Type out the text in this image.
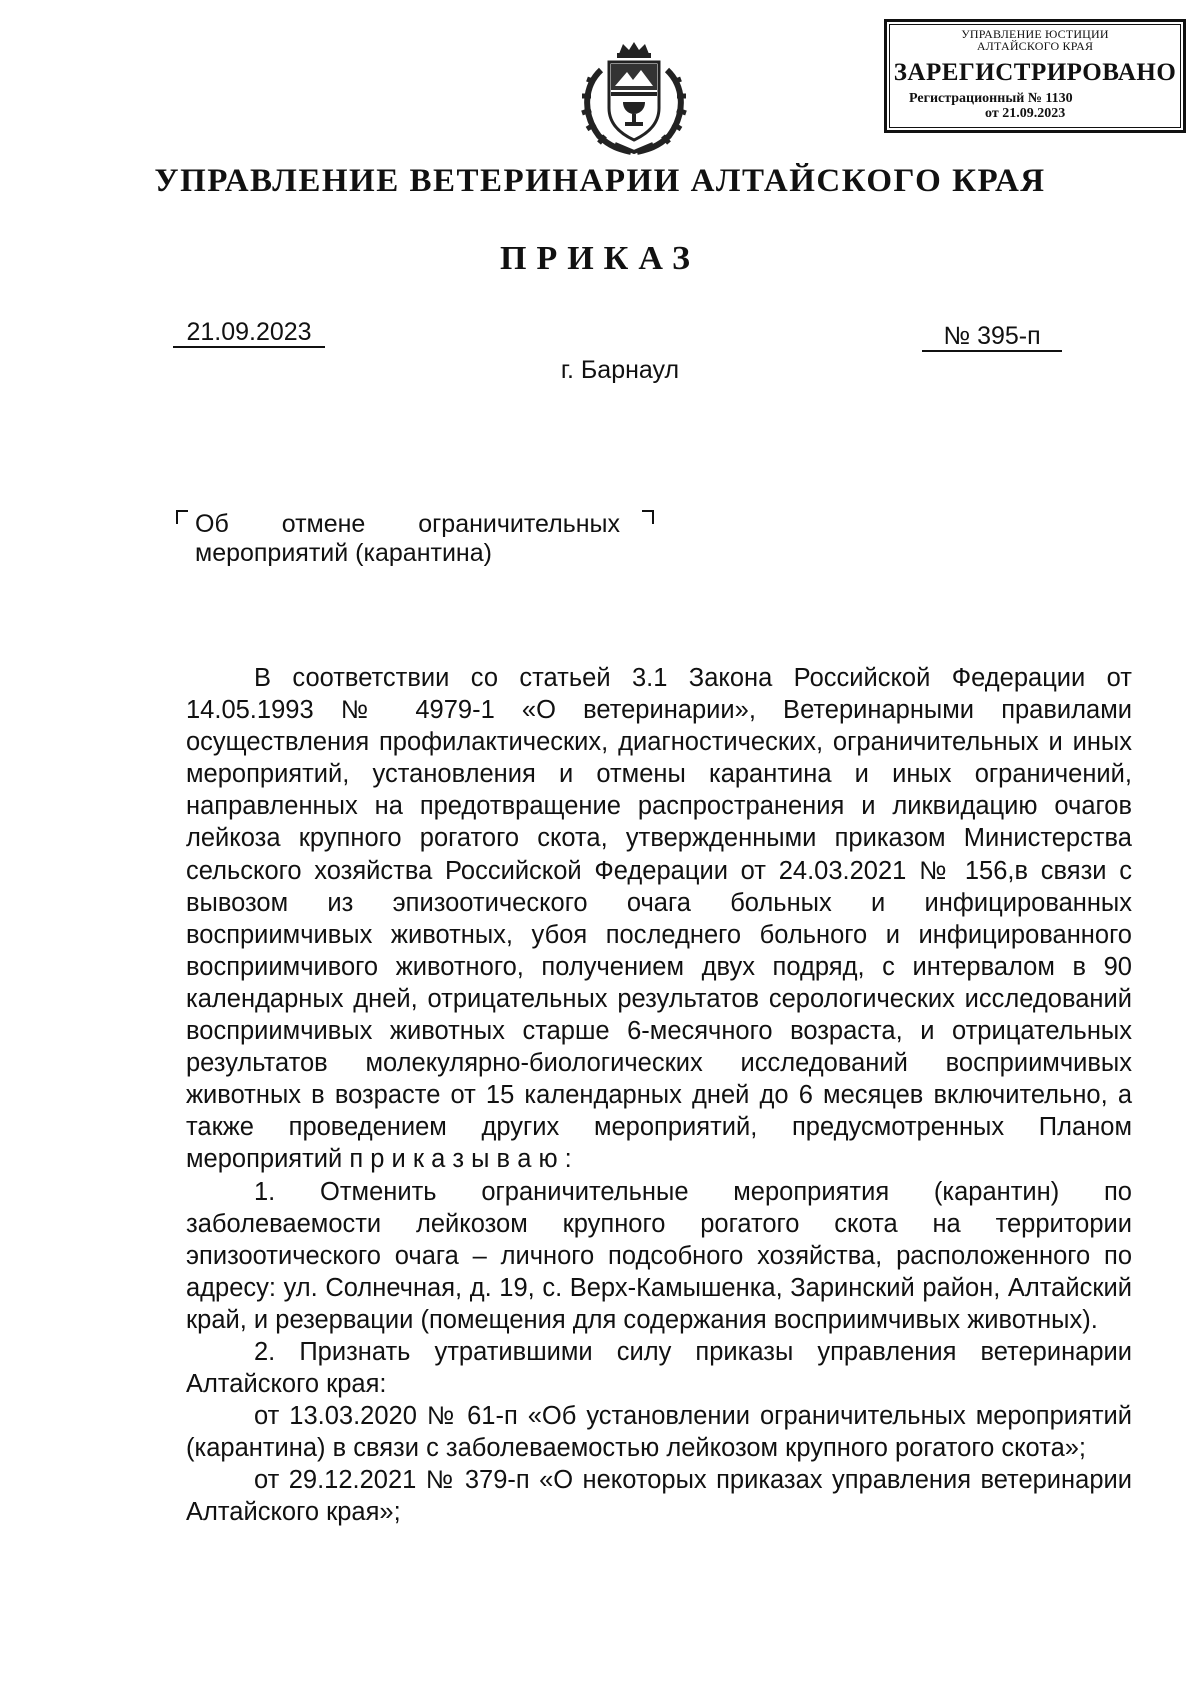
УПРАВЛЕНИЕ ЮСТИЦИИ
АЛТАЙСКОГО КРАЯ
ЗАРЕГИСТРИРОВАНО
Регистрационный № 1130
от 21.09.2023
УПРАВЛЕНИЕ ВЕТЕРИНАРИИ АЛТАЙСКОГО КРАЯ
ПРИКАЗ
21.09.2023	№ 395-п
г. Барнаул
Об отмене ограничительных
мероприятий (карантина)

В соответствии со статьей 3.1 Закона Российской Федерации от 14.05.1993 № 4979-1 «О ветеринарии», Ветеринарными правилами осуществления профилактических, диагностических, ограничительных и иных мероприятий, установления и отмены карантина и иных ограничений, направленных на предотвращение распространения и ликвидацию очагов лейкоза крупного рогатого скота, утвержденными приказом Министерства сельского хозяйства Российской Федерации от 24.03.2021 № 156,в связи с вывозом из эпизоотического очага больных и инфицированных восприимчивых животных, убоя последнего больного и инфицированного восприимчивого животного, получением двух подряд, с интервалом в 90 календарных дней, отрицательных результатов серологических исследований восприимчивых животных старше 6-месячного возраста, и отрицательных результатов молекулярно-биологических исследований восприимчивых животных в возрасте от 15 календарных дней до 6 месяцев включительно, а также проведением других мероприятий, предусмотренных Планом мероприятий п р и к а з ы в а ю :

1. Отменить ограничительные мероприятия (карантин) по заболеваемости лейкозом крупного рогатого скота на территории эпизоотического очага – личного подсобного хозяйства, расположенного по адресу: ул. Солнечная, д. 19, с. Верх-Камышенка, Заринский район, Алтайский край, и резервации (помещения для содержания восприимчивых животных).

2. Признать утратившими силу приказы управления ветеринарии Алтайского края:

от 13.03.2020 № 61-п «Об установлении ограничительных мероприятий (карантина) в связи с заболеваемостью лейкозом крупного рогатого скота»;

от 29.12.2021 № 379-п «О некоторых приказах управления ветеринарии Алтайского края»;
